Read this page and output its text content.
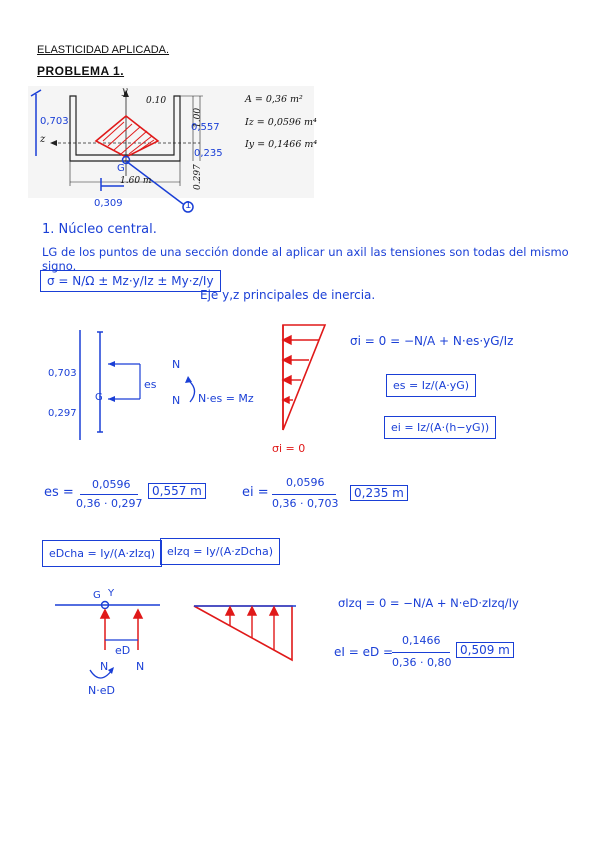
ELASTICIDAD APLICADA.
PROBLEMA 1.
y
z
0.10
1.60 m
1.00
0.297
0,703
0,557
0,235
0,309
G
1
A = 0,36 m²
Iz = 0,0596 m⁴
Iy = 0,1466 m⁴
1. Núcleo central.
LG de los puntos de una sección donde al aplicar un axil las tensiones son todas del mismo signo.
σ = N/Ω ± Mz·y/Iz ± My·z/Iy
Eje y,z principales de inercia.
0,703
0,297
G
N
es
N N·es = Mz
σi = 0
σi = 0 = −N/A + N·es·yG/Iz
es = Iz/(A·yG)
ei = Iz/(A·(h−yG))
es =
0,0596
0,36 · 0,297
0,557 m	ei =
0,0596
0,36 · 0,703
0,235 m
eDcha = Iy/(A·zIzq)	eIzq = Iy/(A·zDcha)
G Y
eD
N	N
N·eD
σIzq = 0 = −N/A + N·eD·zIzq/Iy
eI = eD =
0,1466
0,36 · 0,80
0,509 m
